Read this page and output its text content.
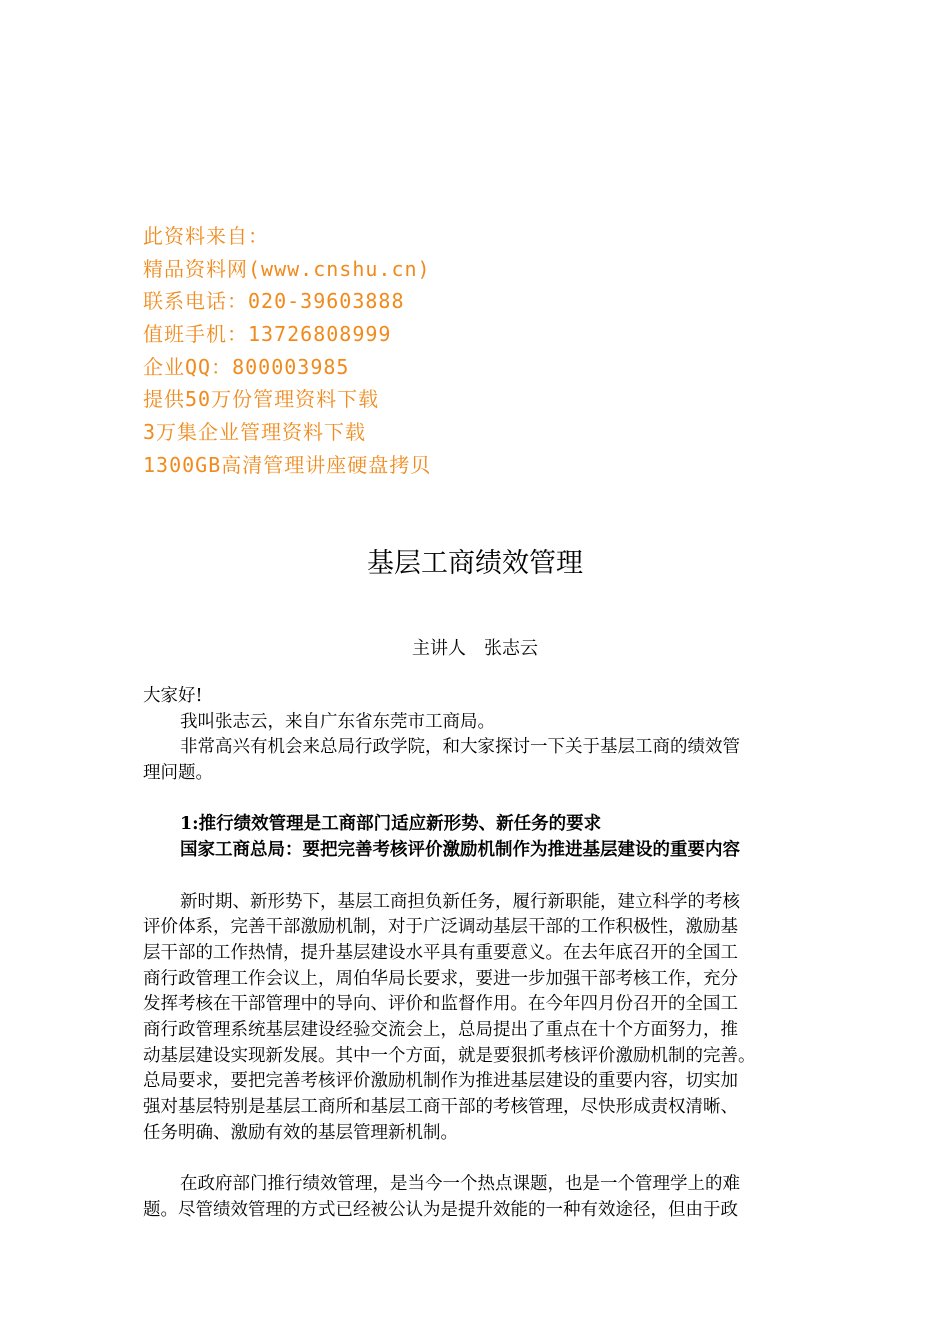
此资料来自：
精品资料网(www.cnshu.cn)
联系电话：020-39603888
值班手机：13726808999
企业QQ：800003985
提供50万份管理资料下载
3万集企业管理资料下载
1300GB高清管理讲座硬盘拷贝
基层工商绩效管理
主讲人　张志云
大家好!
我叫张志云，来自广东省东莞市工商局。
非常高兴有机会来总局行政学院，和大家探讨一下关于基层工商的绩效管
理问题。
1:推行绩效管理是工商部门适应新形势、新任务的要求
国家工商总局：要把完善考核评价激励机制作为推进基层建设的重要内容
新时期、新形势下，基层工商担负新任务，履行新职能，建立科学的考核
评价体系，完善干部激励机制，对于广泛调动基层干部的工作积极性，激励基
层干部的工作热情，提升基层建设水平具有重要意义。在去年底召开的全国工
商行政管理工作会议上，周伯华局长要求，要进一步加强干部考核工作，充分
发挥考核在干部管理中的导向、评价和监督作用。在今年四月份召开的全国工
商行政管理系统基层建设经验交流会上，总局提出了重点在十个方面努力，推
动基层建设实现新发展。其中一个方面，就是要狠抓考核评价激励机制的完善。
总局要求，要把完善考核评价激励机制作为推进基层建设的重要内容，切实加
强对基层特别是基层工商所和基层工商干部的考核管理，尽快形成责权清晰、
任务明确、激励有效的基层管理新机制。
在政府部门推行绩效管理，是当今一个热点课题，也是一个管理学上的难
题。尽管绩效管理的方式已经被公认为是提升效能的一种有效途径，但由于政
